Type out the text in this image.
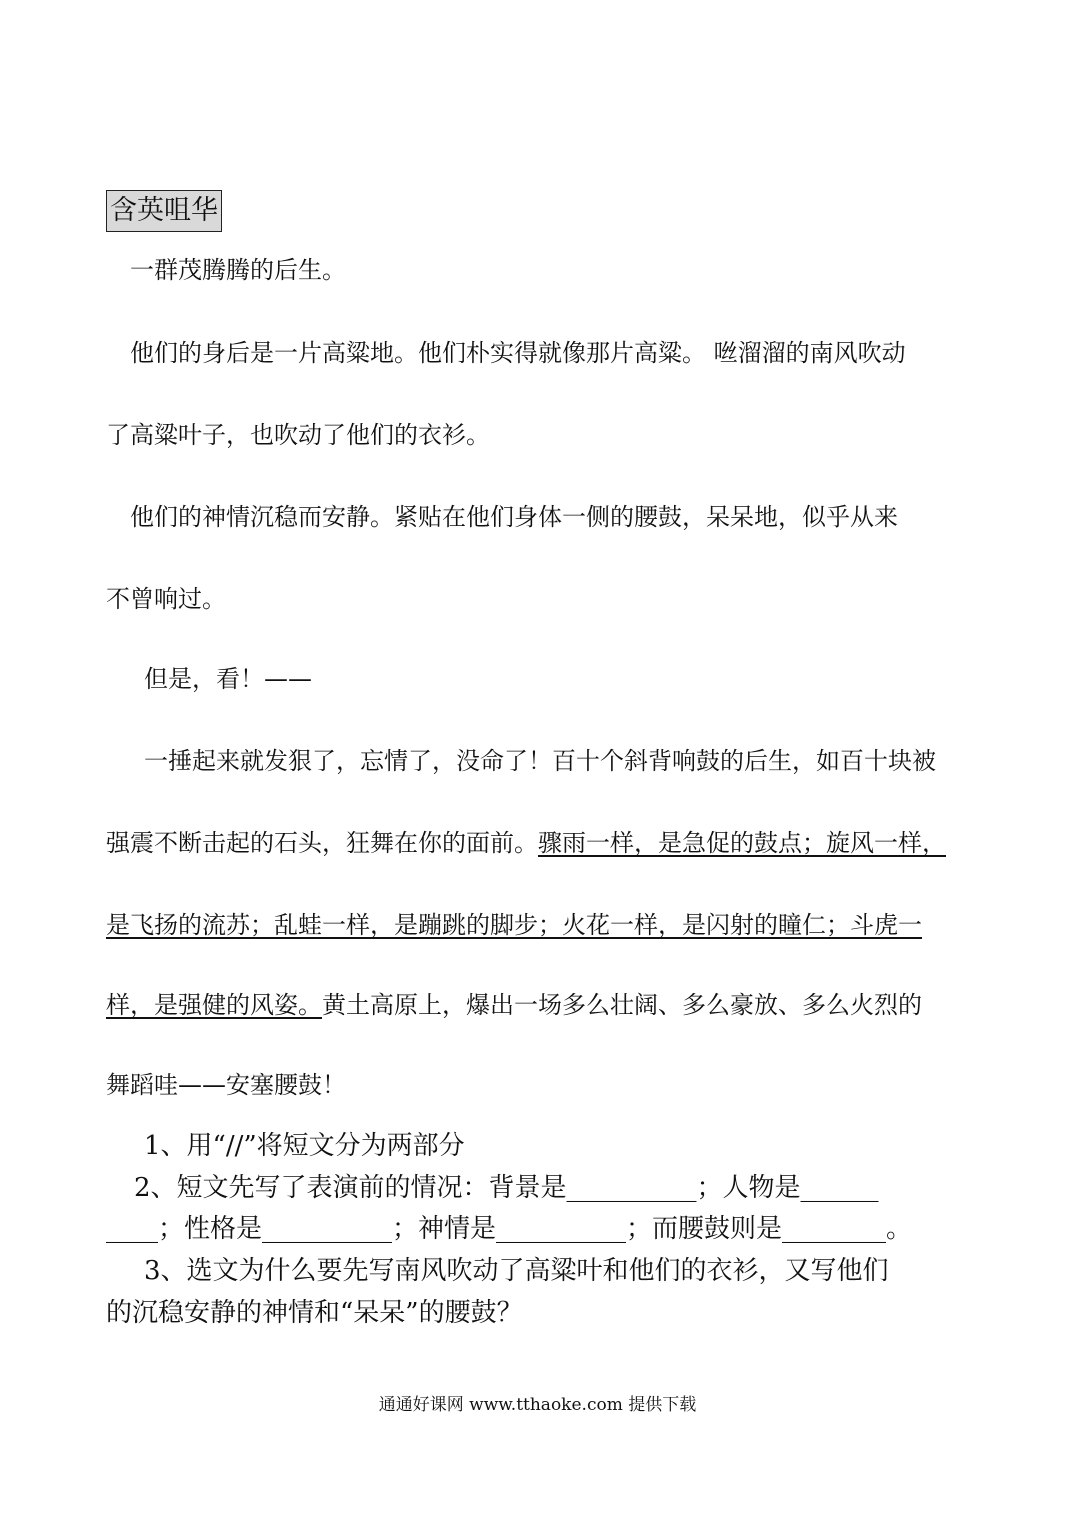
含英咀华
　一群茂腾腾的后生。
　他们的身后是一片高粱地。他们朴实得就像那片高粱。 咝溜溜的南风吹动
了高粱叶子，也吹动了他们的衣衫。
　他们的神情沉稳而安静。紧贴在他们身体一侧的腰鼓，呆呆地，似乎从来
不曾响过。
但是，看！——
一捶起来就发狠了，忘情了，没命了！百十个斜背响鼓的后生，如百十块被
强震不断击起的石头，狂舞在你的面前。骤雨一样，是急促的鼓点；旋风一样，
是飞扬的流苏；乱蛙一样，是蹦跳的脚步；火花一样，是闪射的瞳仁；斗虎一
样，是强健的风姿。黄土高原上，爆出一场多么壮阔、多么豪放、多么火烈的
舞蹈哇——安塞腰鼓！
1、用“//”将短文分为两部分
2、短文先写了表演前的情况：背景是__________；人物是______
____；性格是__________；神情是__________；而腰鼓则是________。
3、选文为什么要先写南风吹动了高粱叶和他们的衣衫，又写他们
的沉稳安静的神情和“呆呆”的腰鼓？
通通好课网 www.tthaoke.com 提供下载
